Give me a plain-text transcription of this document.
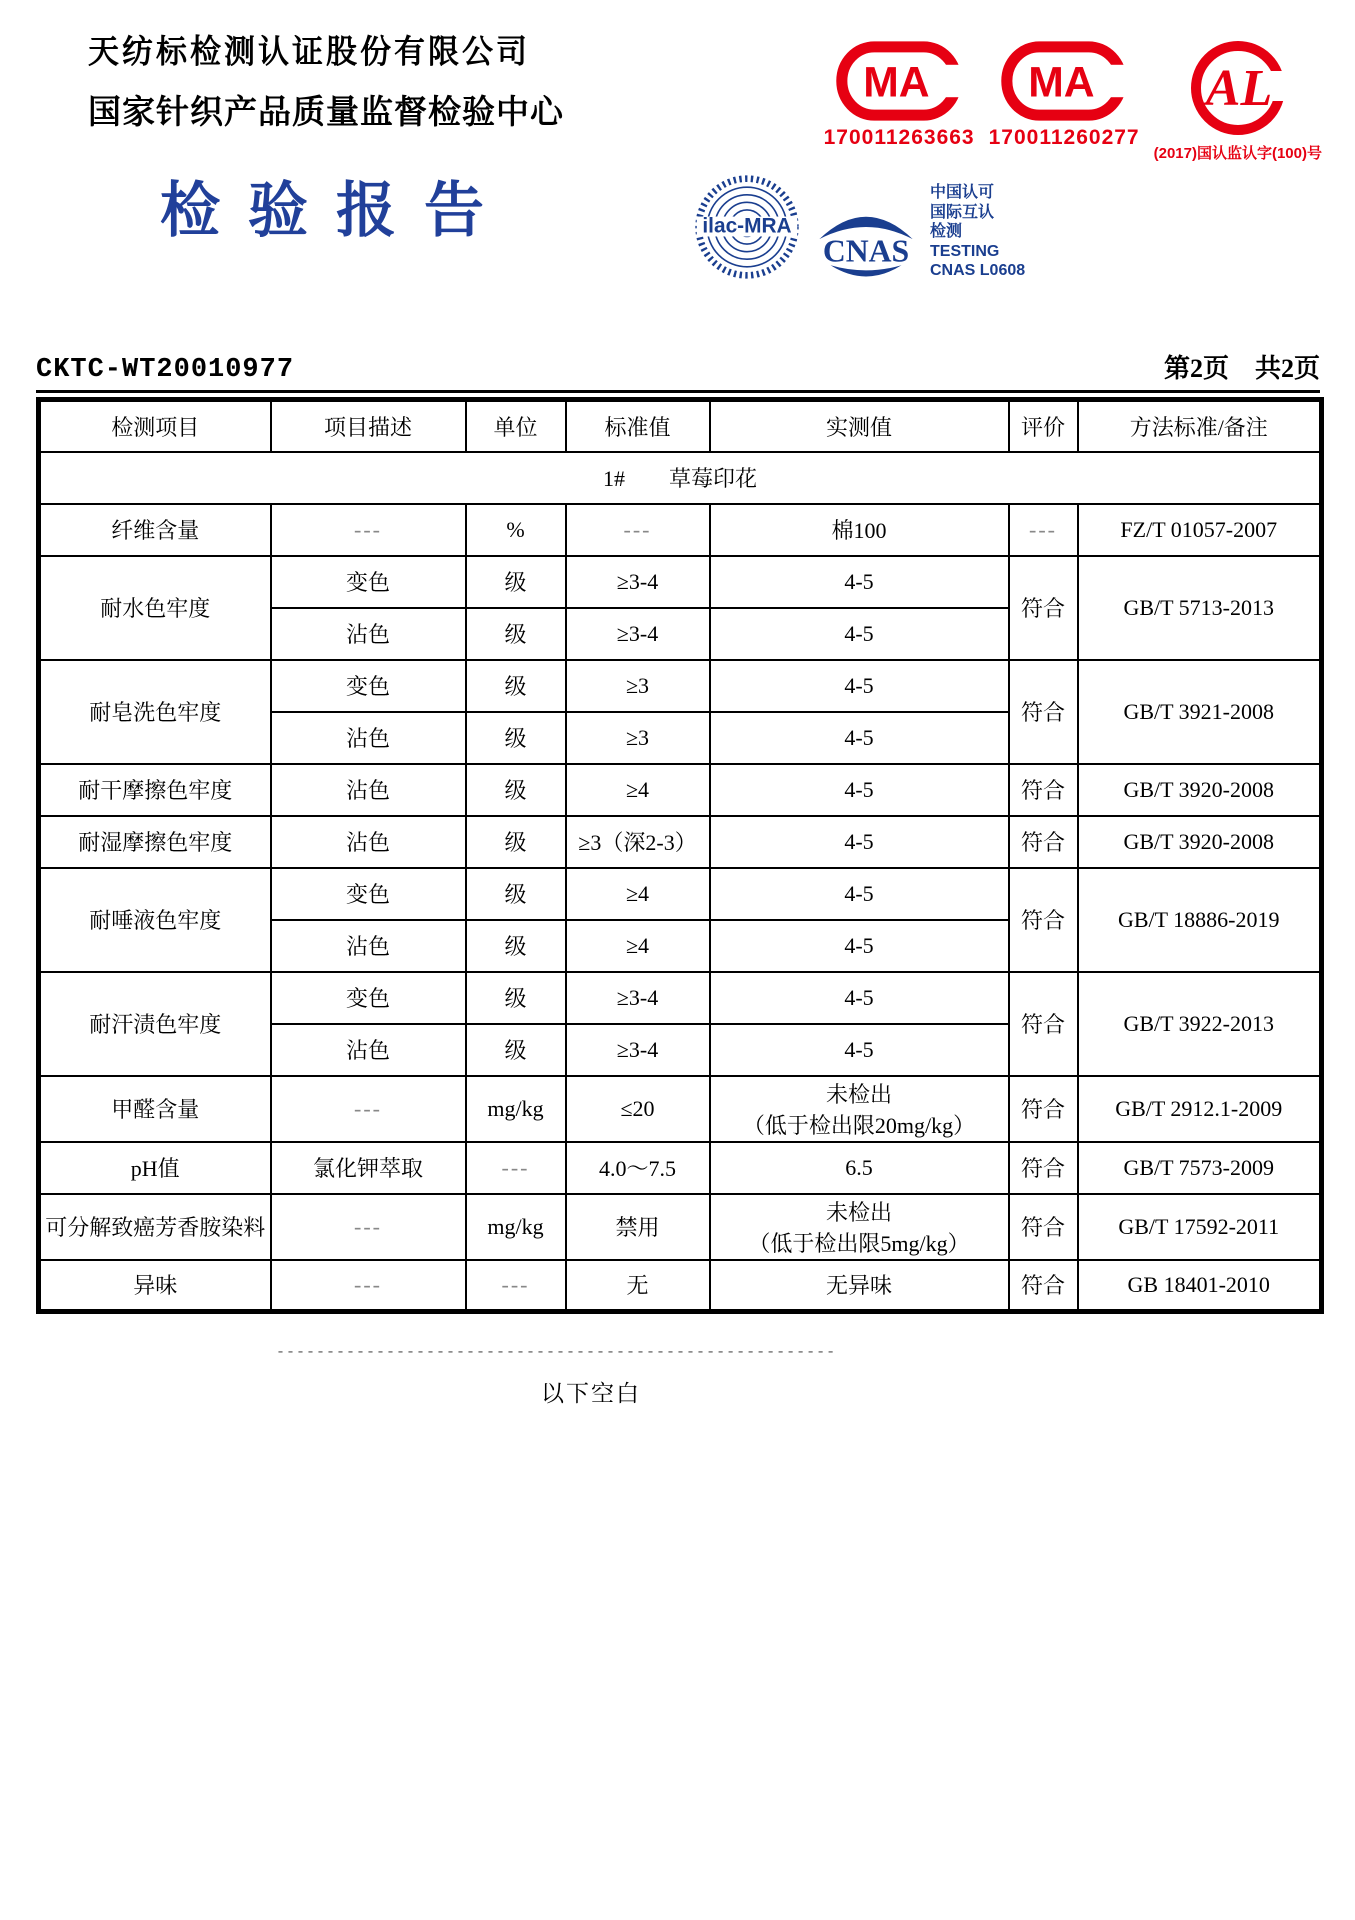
天纺标检测认证股份有限公司
国家针织产品质量监督检验中心
检验报告
MA
170011263663
MA
170011260277
AL
(2017)国认监认字(100)号
ilac-MRA
CNAS
中国认可
国际互认
检测
TESTING
CNAS L0608
CKTC-WT20010977	第2页　共2页
检测项目	项目描述	单位	标准值	实测值	评价	方法标准/备注

1#　　草莓印花						

纤维含量	---	%	---	棉100	---	FZ/T 01057-2007

耐水色牢度	变色	级	≥3-4	4-5	符合	GB/T 5713-2013

	沾色	级	≥3-4	4-5		

耐皂洗色牢度	变色	级	≥3	4-5	符合	GB/T 3921-2008

	沾色	级	≥3	4-5		

耐干摩擦色牢度	沾色	级	≥4	4-5	符合	GB/T 3920-2008

耐湿摩擦色牢度	沾色	级	≥3（深2-3）	4-5	符合	GB/T 3920-2008

耐唾液色牢度	变色	级	≥4	4-5	符合	GB/T 18886-2019

	沾色	级	≥4	4-5		

耐汗渍色牢度	变色	级	≥3-4	4-5	符合	GB/T 3922-2013

	沾色	级	≥3-4	4-5		

甲醛含量	---	mg/kg	≤20	未检出
（低于检出限20mg/kg）	符合	GB/T 2912.1-2009

pH值	氯化钾萃取	---	4.0～7.5	6.5	符合	GB/T 7573-2009

可分解致癌芳香胺染料	---	mg/kg	禁用	未检出
（低于检出限5mg/kg）	符合	GB/T 17592-2011

异味	---	---	无	无异味	符合	GB 18401-2010
--------------------------------------------------------
以下空白
